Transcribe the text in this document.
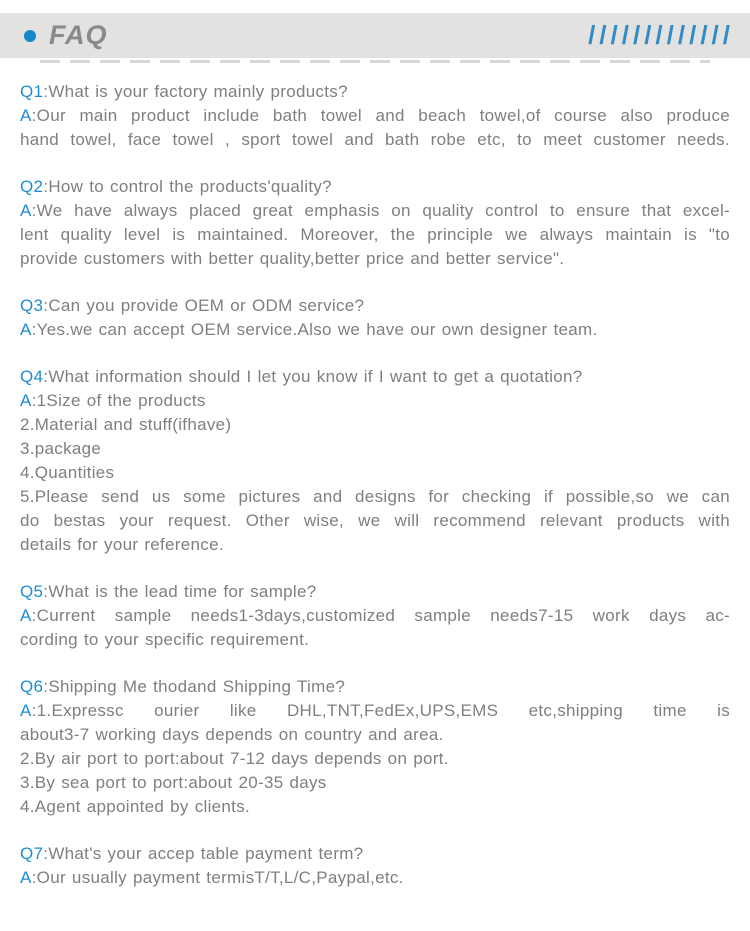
FAQ	/////////////
Q1:What is your factory mainly products?
A:Our main product include bath towel and beach towel,of course also produce
hand towel, face towel , sport towel and bath robe etc, to meet customer needs.
Q2:How to control the products'quality?
A:We have always placed great emphasis on quality control to ensure that excel-
lent quality level is maintained. Moreover, the principle we always maintain is "to
provide customers with better quality,better price and better service".
Q3:Can you provide OEM or ODM service?
A:Yes.we can accept OEM service.Also we have our own designer team.
Q4:What information should I let you know if I want to get a quotation?
A:1Size of the products
2.Material and stuff(ifhave)
3.package
4.Quantities
5.Please send us some pictures and designs for checking if possible,so we can
do bestas your request. Other wise, we will recommend relevant products with
details for your reference.
Q5:What is the lead time for sample?
A:Current sample needs1-3days,customized sample needs7-15 work days ac-
cording to your specific requirement.
Q6:Shipping Me thodand Shipping Time?
A:1.Expressc ourier like DHL,TNT,FedEx,UPS,EMS etc,shipping time is
about3-7 working days depends on country and area.
2.By air port to port:about 7-12 days depends on port.
3.By sea port to port:about 20-35 days
4.Agent appointed by clients.
Q7:What's your accep table payment term?
A:Our usually payment termisT/T,L/C,Paypal,etc.
